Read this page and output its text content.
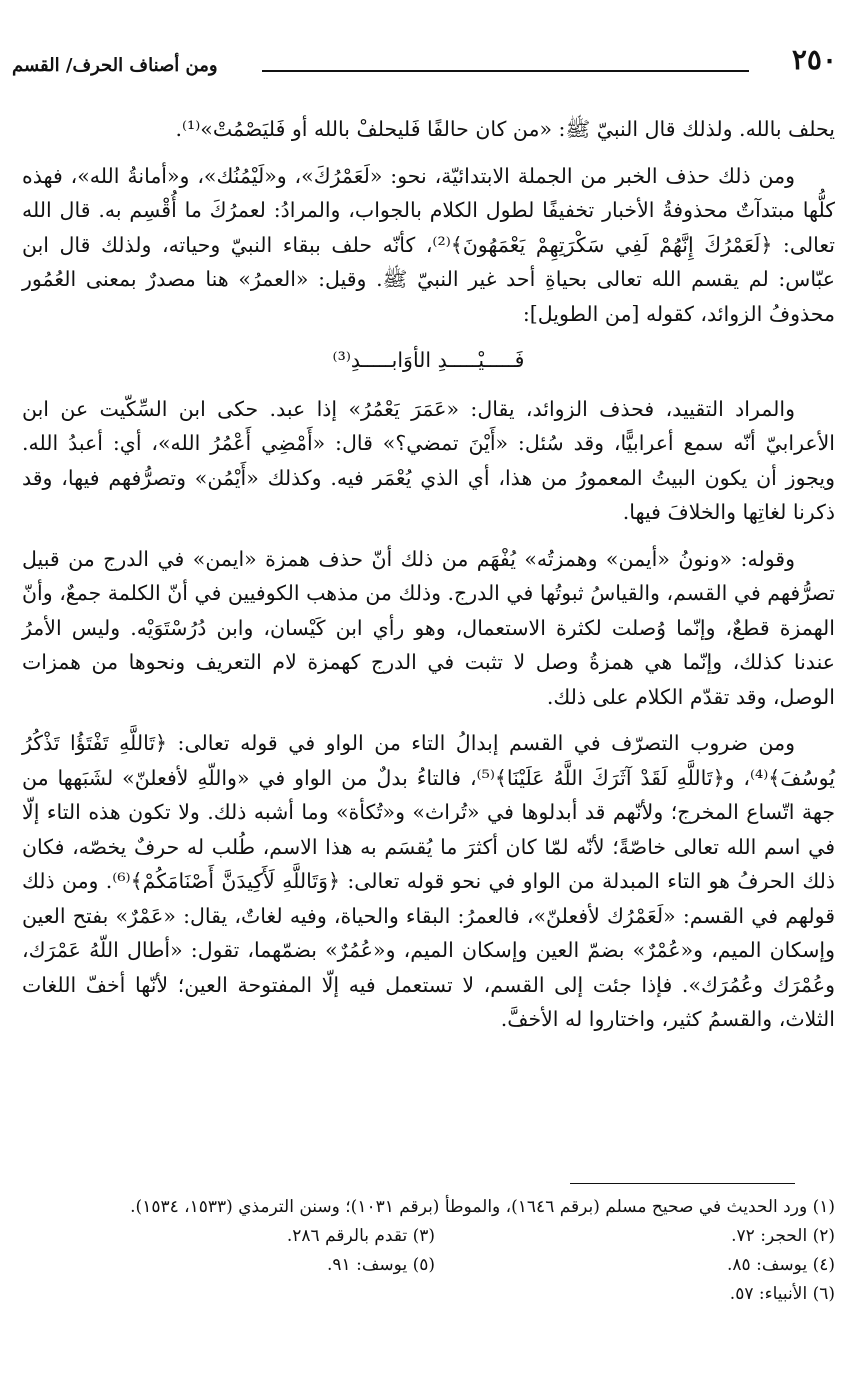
٢٥٠
ومن أصناف الحرف/ القسم

يحلف بالله. ولذلك قال النبيّ ﷺ: «من كان حالفًا فَليحلفْ بالله أو فَليَصْمُتْ»⁽¹⁾.

ومن ذلك حذف الخبر من الجملة الابتدائيّة، نحو: «لَعَمْرُكَ»، و«لَيْمُنُك»، و«أمانةُ الله»، فهذه كلُّها مبتدآتٌ محذوفةُ الأخبار تخفيفًا لطول الكلام بالجواب، والمرادُ: لعمرُكَ ما أُقْسِم به. قال الله تعالى: ﴿لَعَمْرُكَ إِنَّهُمْ لَفِي سَكْرَتِهِمْ يَعْمَهُونَ﴾⁽²⁾، كأنّه حلف ببقاء النبيّ وحياته، ولذلك قال ابن عبّاس: لم يقسم الله تعالى بحياةِ أحد غير النبيّ ﷺ. وقيل: «العمرُ» هنا مصدرٌ بمعنى العُمُور محذوفُ الزوائد، كقوله [من الطويل]:

فَـــــيْـــــدِ الأوَابـــــدِ⁽³⁾

والمراد التقييد، فحذف الزوائد، يقال: «عَمَرَ يَعْمُرُ» إذا عبد. حكى ابن السِّكّيت عن ابن الأعرابيّ أنّه سمع أعرابيًّا، وقد سُئل: «أَيْنَ تمضي؟» قال: «أَمْضِي أَعْمُرُ الله»، أي: أعبدُ الله. ويجوز أن يكون البيتُ المعمورُ من هذا، أي الذي يُعْمَر فيه. وكذلك «أَيْمُن» وتصرُّفهم فيها، وقد ذكرنا لغاتِها والخلافَ فيها.

وقوله: «ونونُ «أيمن» وهمزتُه» يُفْهَم من ذلك أنّ حذف همزة «ايمن» في الدرج من قبيل تصرُّفهم في القسم، والقياسُ ثبوتُها في الدرج. وذلك من مذهب الكوفيين في أنّ الكلمة جمعٌ، وأنّ الهمزة قطعٌ، وإنّما وُصلت لكثرة الاستعمال، وهو رأي ابن كَيْسان، وابن دُرُسْتَوَيْه. وليس الأمرُ عندنا كذلك، وإنّما هي همزةُ وصل لا تثبت في الدرج كهمزة لام التعريف ونحوها من همزات الوصل، وقد تقدّم الكلام على ذلك.

ومن ضروب التصرّف في القسم إبدالُ التاء من الواو في قوله تعالى: ﴿تَاللَّهِ تَفْتَؤُا تَذْكُرُ يُوسُفَ﴾⁽⁴⁾، و﴿تَاللَّهِ لَقَدْ آثَرَكَ اللَّهُ عَلَيْنَا﴾⁽⁵⁾، فالتاءُ بدلٌ من الواو في «واللّهِ لأفعلنّ» لشَبَهها من جهة اتّساع المخرج؛ ولأنّهم قد أبدلوها في «تُراث» و«تُكأة» وما أشبه ذلك. ولا تكون هذه التاء إلّا في اسم الله تعالى خاصّةً؛ لأنّه لمّا كان أكثرَ ما يُقسَم به هذا الاسم، طُلب له حرفٌ يخصّه، فكان ذلك الحرفُ هو التاء المبدلة من الواو في نحو قوله تعالى: ﴿وَتَاللَّهِ لَأَكِيدَنَّ أَصْنَامَكُمْ﴾⁽⁶⁾. ومن ذلك قولهم في القسم: «لَعَمْرُك لأفعلنّ»، فالعمرُ: البقاء والحياة، وفيه لغاتٌ، يقال: «عَمْرٌ» بفتح العين وإسكان الميم، و«عُمْرٌ» بضمّ العين وإسكان الميم، و«عُمُرٌ» بضمّهما، تقول: «أطال اللّهُ عَمْرَك، وعُمْرَك وعُمُرَك». فإذا جئت إلى القسم، لا تستعمل فيه إلّا المفتوحة العين؛ لأنّها أخفّ اللغات الثلاث، والقسمُ كثير، واختاروا له الأخفَّ.

(١) ورد الحديث في صحيح مسلم (برقم ١٦٤٦)، والموطأ (برقم ١٠٣١)؛ وسنن الترمذي (١٥٣٣، ١٥٣٤).
(٢) الحجر: ٧٢.
(٣) تقدم بالرقم ٢٨٦.
(٤) يوسف: ٨٥.
(٥) يوسف: ٩١.
(٦) الأنبياء: ٥٧.
